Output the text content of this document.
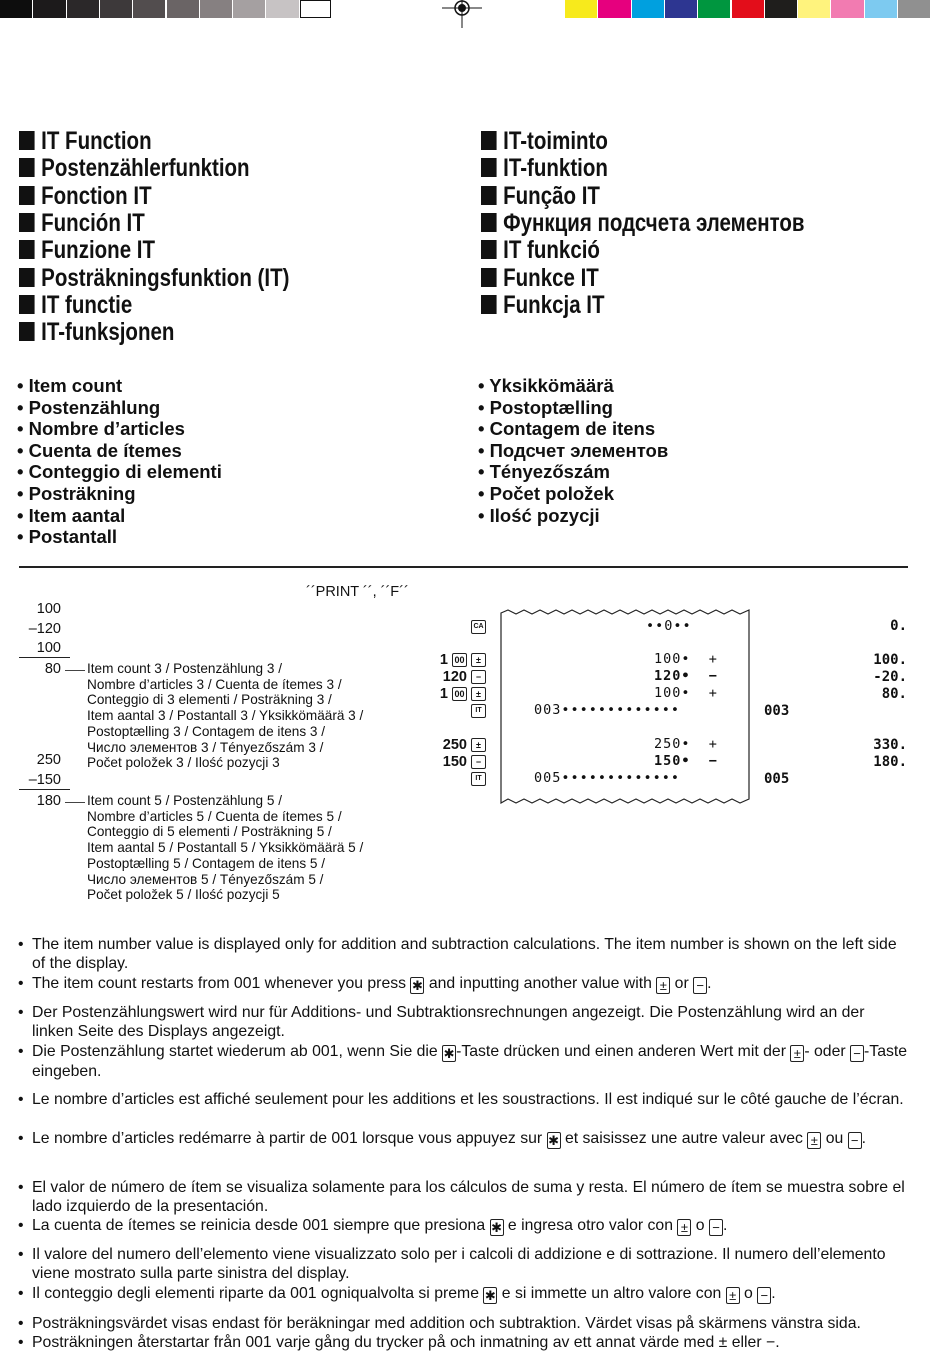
IT Function
Postenzählerfunktion
Fonction IT
Función IT
Funzione IT
Posträkningsfunktion (IT)
IT functie
IT-funksjonen
IT-toiminto
IT-funktion
Função IT
Функция подсчета элементов
IT funkció
Funkce IT
Funkcja IT
• Item count
• Postenzählung
• Nombre d’articles
• Cuenta de ítemes
• Conteggio di elementi
• Posträkning
• Item aantal
• Postantall
• Yksikkömäärä
• Postoptælling
• Contagem de itens
• Подсчет элементов
• Tényezőszám
• Počet položek
• Ilość pozycji
´´PRINT ´´, ´´F´´
100
–120
100
80
250
–150
180
Item count 3 / Postenzählung 3 /
Nombre d’articles 3 / Cuenta de ítemes 3 /
Conteggio di 3 elementi / Posträkning 3 /
Item aantal 3 / Postantall 3 / Yksikkömäärä 3 /
Postoptælling 3 / Contagem de itens 3 /
Число элементов 3 / Tényezőszám 3 /
Počet položek 3 / Ilość pozycji 3
Item count 5 / Postenzählung 5 /
Nombre d’articles 5 / Cuenta de ítemes 5 /
Conteggio di 5 elementi / Posträkning 5 /
Item aantal 5 / Postantall 5 / Yksikkömäärä 5 /
Postoptælling 5 / Contagem de itens 5 /
Число элементов 5 / Tényezőszám 5 /
Počet položek 5 / Ilość pozycji 5
CA
1 00 ±
120 −
1 00 ±
IT
250 ±
150 −
IT
••0••
100•  +
120•  −
100•  +
003•••••••••••••
250•  +
150•  −
005•••••••••••••
0.
100.
-20.
80.
003
330.
180.
005
• The item number value is displayed only for addition and subtraction calculations. The item number is shown on the left side of the display.
• The item count restarts from 001 whenever you press ✱ and inputting another value with ± or − .
• Der Postenzählungswert wird nur für Additions- und Subtraktionsrechnungen angezeigt. Die Postenzählung wird an der linken Seite des Displays angezeigt.
• Die Postenzählung startet wiederum ab 001, wenn Sie die ✱-Taste drücken und einen anderen Wert mit der ± - oder − -Taste eingeben.
• Le nombre d’articles est affiché seulement pour les additions et les soustractions. Il est indiqué sur le côté gauche de l’écran.
• Le nombre d’articles redémarre à partir de 001 lorsque vous appuyez sur ✱ et saisissez une autre valeur avec ± ou − .
• El valor de número de ítem se visualiza solamente para los cálculos de suma y resta. El número de ítem se muestra sobre el lado izquierdo de la presentación.
• La cuenta de ítemes se reinicia desde 001 siempre que presiona ✱ e ingresa otro valor con ± o − .
• Il valore del numero dell’elemento viene visualizzato solo per i calcoli di addizione e di sottrazione. Il numero dell’elemento viene mostrato sulla parte sinistra del display.
• Il conteggio degli elementi riparte da 001 ogniqualvolta si preme ✱ e si immette un altro valore con ± o − .
• Posträkningsvärdet visas endast för beräkningar med addition och subtraktion. Värdet visas på skärmens vänstra sida.
• Posträkningen återstartar från 001 varje gång du trycker på och inmatning av ett annat värde med ± eller −.
